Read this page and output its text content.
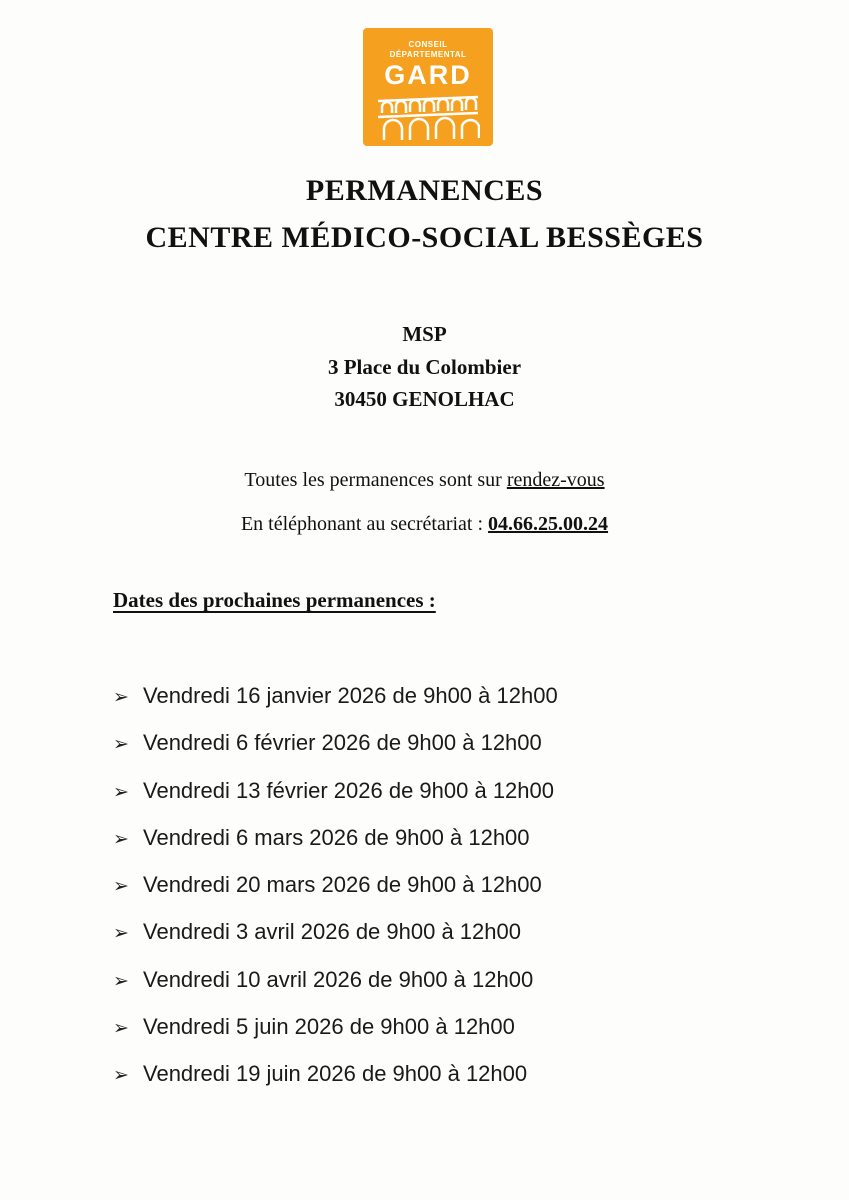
CONSEIL
DÉPARTEMENTAL
GARD
PERMANENCES
CENTRE MÉDICO-SOCIAL BESSÈGES
MSP
3 Place du Colombier
30450 GENOLHAC
Toutes les permanences sont sur rendez-vous
En téléphonant au secrétariat : 04.66.25.00.24
Dates des prochaines permanences :
➢ Vendredi 16 janvier 2026 de 9h00 à 12h00
➢ Vendredi 6 février 2026 de 9h00 à 12h00
➢ Vendredi 13 février 2026 de 9h00 à 12h00
➢ Vendredi 6 mars 2026 de 9h00 à 12h00
➢ Vendredi 20 mars 2026 de 9h00 à 12h00
➢ Vendredi 3 avril 2026 de 9h00 à 12h00
➢ Vendredi 10 avril 2026 de 9h00 à 12h00
➢ Vendredi 5 juin 2026 de 9h00 à 12h00
➢ Vendredi 19 juin 2026 de 9h00 à 12h00
